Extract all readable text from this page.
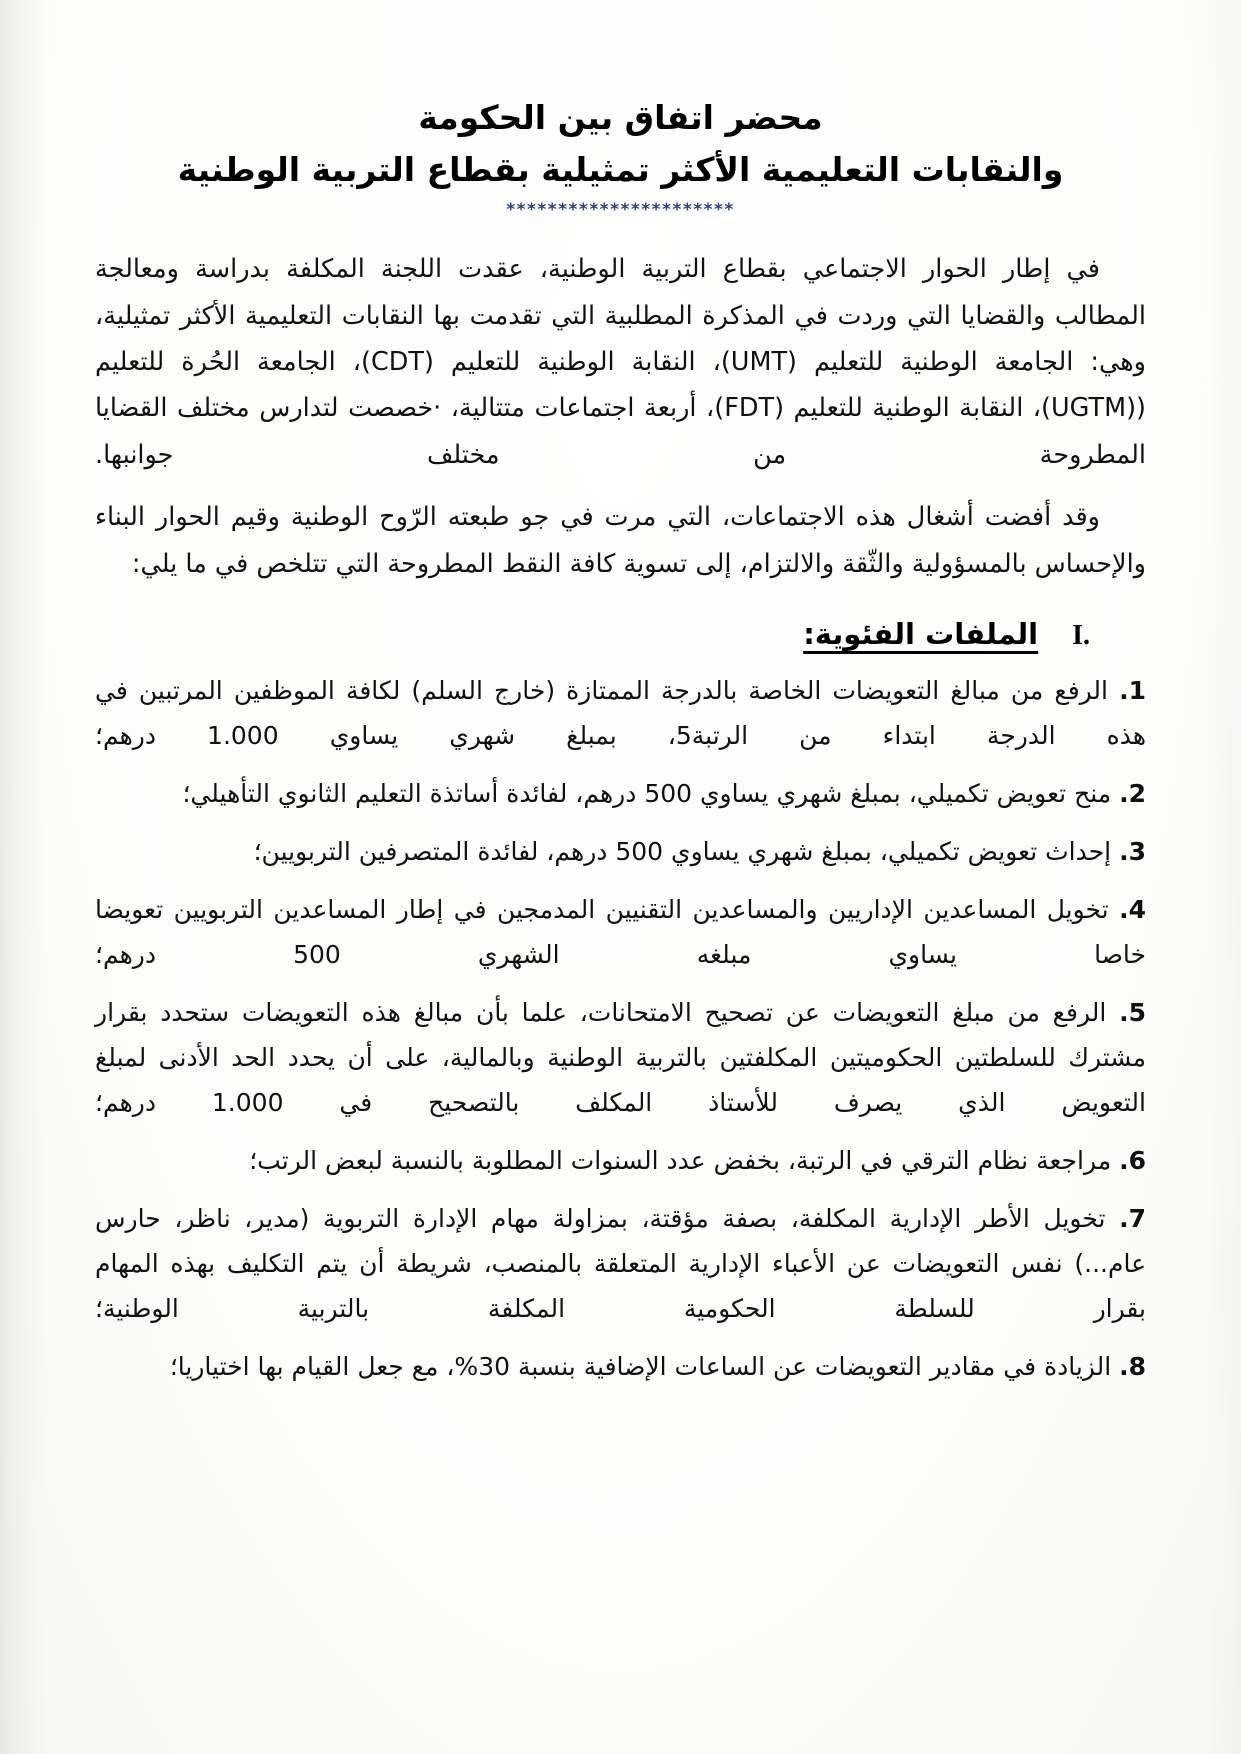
محضر اتفاق بين الحكومة
والنقابات التعليمية الأكثر تمثيلية بقطاع التربية الوطنية
**********************

في إطار الحوار الاجتماعي بقطاع التربية الوطنية، عقدت اللجنة المكلفة بدراسة ومعالجة المطالب والقضايا التي وردت في المذكرة المطلبية التي تقدمت بها النقابات التعليمية الأكثر تمثيلية، وهي: الجامعة الوطنية للتعليم (UMT)، النقابة الوطنية للتعليم (CDT)، الجامعة الحُرة للتعليم ((UGTM)، النقابة الوطنية للتعليم (FDT)، أربعة اجتماعات متتالية، ·خصصت لتدارس مختلف القضايا المطروحة من مختلف جوانبها.

وقد أفضت أشغال هذه الاجتماعات، التي مرت في جو طبعته الرّوح الوطنية وقيم الحوار البناء والإحساس بالمسؤولية والثّقة والالتزام، إلى تسوية كافة النقط المطروحة التي تتلخص في ما يلي:

I.
الملفات الفئوية:
1. الرفع من مبالغ التعويضات الخاصة بالدرجة الممتازة (خارج السلم) لكافة الموظفين المرتبين في هذه الدرجة ابتداء من الرتبة5، بمبلغ شهري يساوي 1.000 درهم؛
2. منح تعويض تكميلي، بمبلغ شهري يساوي 500 درهم، لفائدة أساتذة التعليم الثانوي التأهيلي؛
3. إحداث تعويض تكميلي، بمبلغ شهري يساوي 500 درهم، لفائدة المتصرفين التربويين؛
4. تخويل المساعدين الإداريين والمساعدين التقنيين المدمجين في إطار المساعدين التربويين تعويضا خاصا يساوي مبلغه الشهري 500 درهم؛
5. الرفع من مبلغ التعويضات عن تصحيح الامتحانات، علما بأن مبالغ هذه التعويضات ستحدد بقرار مشترك للسلطتين الحكوميتين المكلفتين بالتربية الوطنية وبالمالية، على أن يحدد الحد الأدنى لمبلغ التعويض الذي يصرف للأستاذ المكلف بالتصحيح في 1.000 درهم؛
6. مراجعة نظام الترقي في الرتبة، بخفض عدد السنوات المطلوبة بالنسبة لبعض الرتب؛
7. تخويل الأطر الإدارية المكلفة، بصفة مؤقتة، بمزاولة مهام الإدارة التربوية (مدير، ناظر، حارس عام...) نفس التعويضات عن الأعباء الإدارية المتعلقة بالمنصب، شريطة أن يتم التكليف بهذه المهام بقرار للسلطة الحكومية المكلفة بالتربية الوطنية؛
8. الزيادة في مقادير التعويضات عن الساعات الإضافية بنسبة 30%، مع جعل القيام بها اختياريا؛
